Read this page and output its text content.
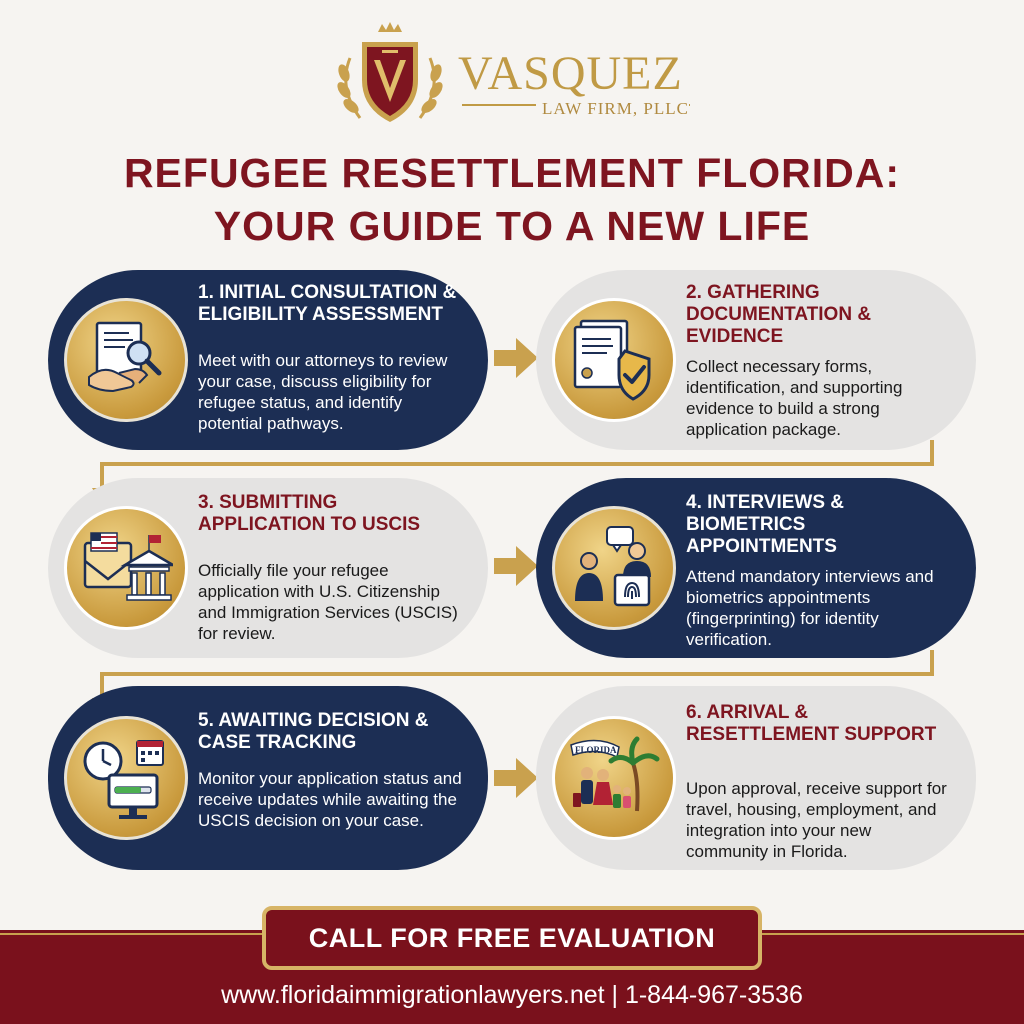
VASQUEZ
LAW FIRM, PLLC
REFUGEE RESETTLEMENT FLORIDA:
YOUR GUIDE TO A NEW LIFE
1. INITIAL CONSULTATION & ELIGIBILITY ASSESSMENT
Meet with our attorneys to review your case, discuss eligibility for refugee status, and identify potential pathways.
2. GATHERING DOCUMENTATION & EVIDENCE
Collect necessary forms, identification, and supporting evidence to build a strong application package.
3. SUBMITTING APPLICATION TO USCIS
Officially file your refugee application with U.S. Citizenship and Immigration Services (USCIS) for review.
4. INTERVIEWS & BIOMETRICS APPOINTMENTS
Attend mandatory interviews and biometrics appointments (fingerprinting) for identity verification.
5. AWAITING DECISION & CASE TRACKING
Monitor your application status and receive updates while awaiting the USCIS decision on your case.
FLORIDA
6. ARRIVAL & RESETTLEMENT SUPPORT
Upon approval, receive support for travel, housing, employment, and integration into your new community in Florida.
CALL FOR FREE EVALUATION
www.floridaimmigrationlawyers.net | 1-844-967-3536
